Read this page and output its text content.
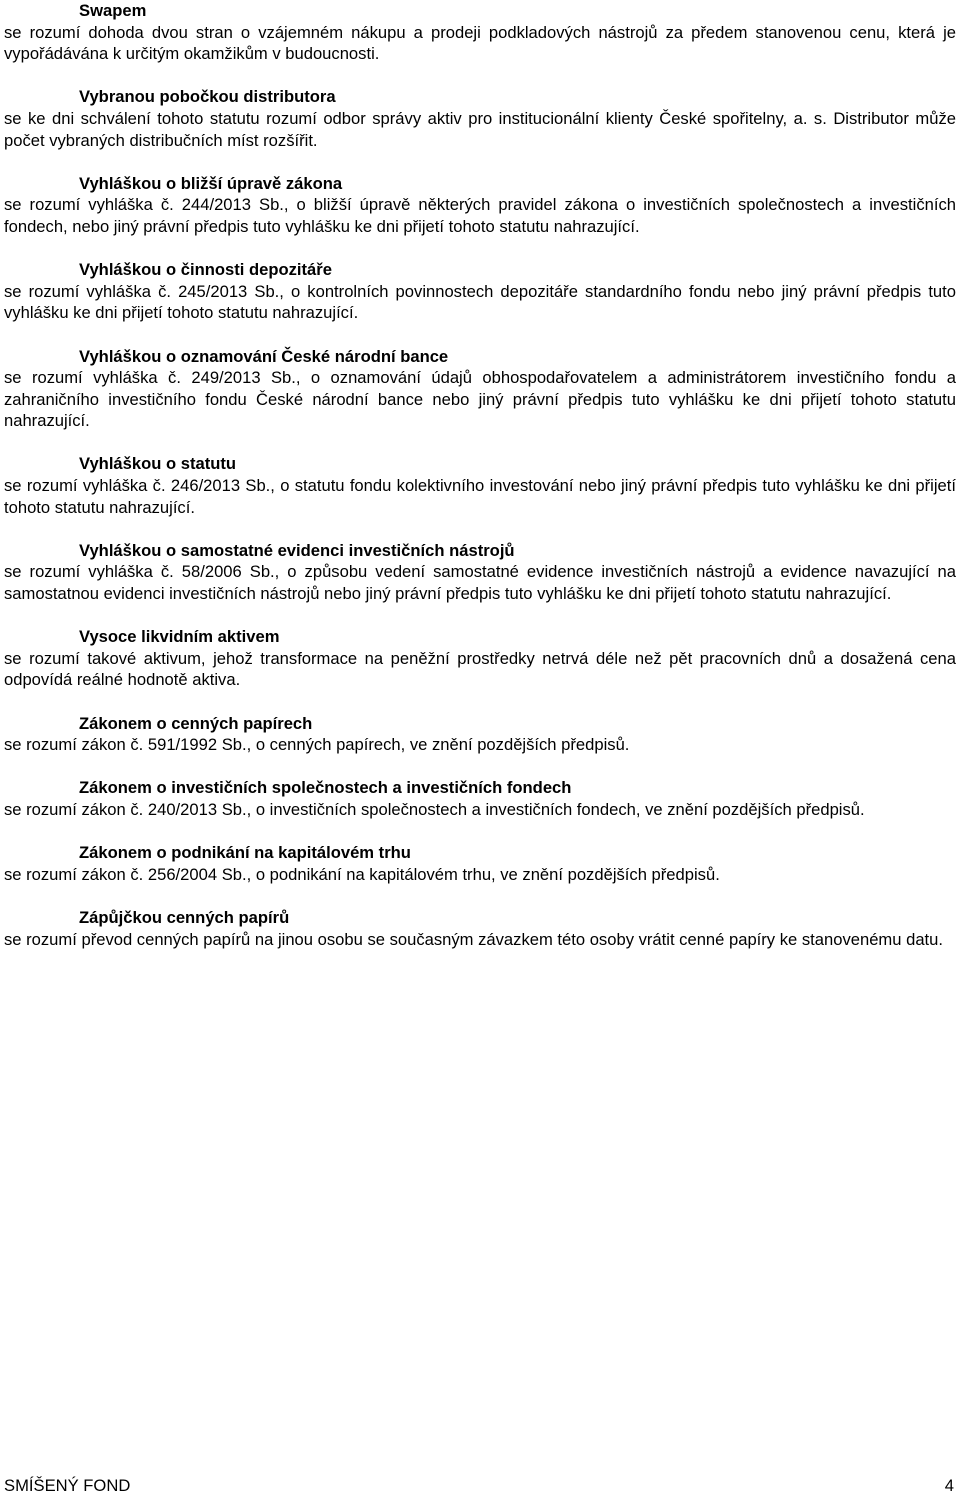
Swapem
se rozumí dohoda dvou stran o vzájemném nákupu a prodeji podkladových nástrojů za předem stanovenou cenu, která je vypořádávána k určitým okamžikům v budoucnosti.
Vybranou pobočkou distributora
se ke dni schválení tohoto statutu rozumí odbor správy aktiv pro institucionální klienty České spořitelny, a. s. Distributor může počet vybraných distribučních míst rozšířit.
Vyhláškou o bližší úpravě zákona
se rozumí vyhláška č. 244/2013 Sb., o bližší úpravě některých pravidel zákona o investičních společnostech a investičních fondech, nebo jiný právní předpis tuto vyhlášku ke dni přijetí tohoto statutu nahrazující.
Vyhláškou o činnosti depozitáře
se rozumí vyhláška č. 245/2013 Sb., o kontrolních povinnostech depozitáře standardního fondu nebo jiný právní předpis tuto vyhlášku ke dni přijetí tohoto statutu nahrazující.
Vyhláškou o oznamování České národní bance
se rozumí vyhláška č. 249/2013 Sb., o oznamování údajů obhospodařovatelem a administrátorem investičního fondu a zahraničního investičního fondu České národní bance nebo jiný právní předpis tuto vyhlášku ke dni přijetí tohoto statutu nahrazující.
Vyhláškou o statutu
se rozumí vyhláška č. 246/2013 Sb., o statutu fondu kolektivního investování nebo jiný právní předpis tuto vyhlášku ke dni přijetí tohoto statutu nahrazující.
Vyhláškou o samostatné evidenci investičních nástrojů
se rozumí vyhláška č. 58/2006 Sb., o způsobu vedení samostatné evidence investičních nástrojů a evidence navazující na samostatnou evidenci investičních nástrojů nebo jiný právní předpis tuto vyhlášku ke dni přijetí tohoto statutu nahrazující.
Vysoce likvidním aktivem
se rozumí takové aktivum, jehož transformace na peněžní prostředky netrvá déle než pět pracovních dnů a dosažená cena odpovídá reálné hodnotě aktiva.
Zákonem o cenných papírech
se rozumí zákon č. 591/1992 Sb., o cenných papírech, ve znění pozdějších předpisů.
Zákonem o investičních společnostech a investičních fondech
se rozumí zákon č. 240/2013 Sb., o investičních společnostech a investičních fondech, ve znění pozdějších předpisů.
Zákonem o podnikání na kapitálovém trhu
se rozumí zákon č. 256/2004 Sb., o podnikání na kapitálovém trhu, ve znění pozdějších předpisů.
Zápůjčkou cenných papírů
se rozumí převod cenných papírů na jinou osobu se současným závazkem této osoby vrátit cenné papíry ke stanovenému datu.
SMÍŠENÝ FOND	4
